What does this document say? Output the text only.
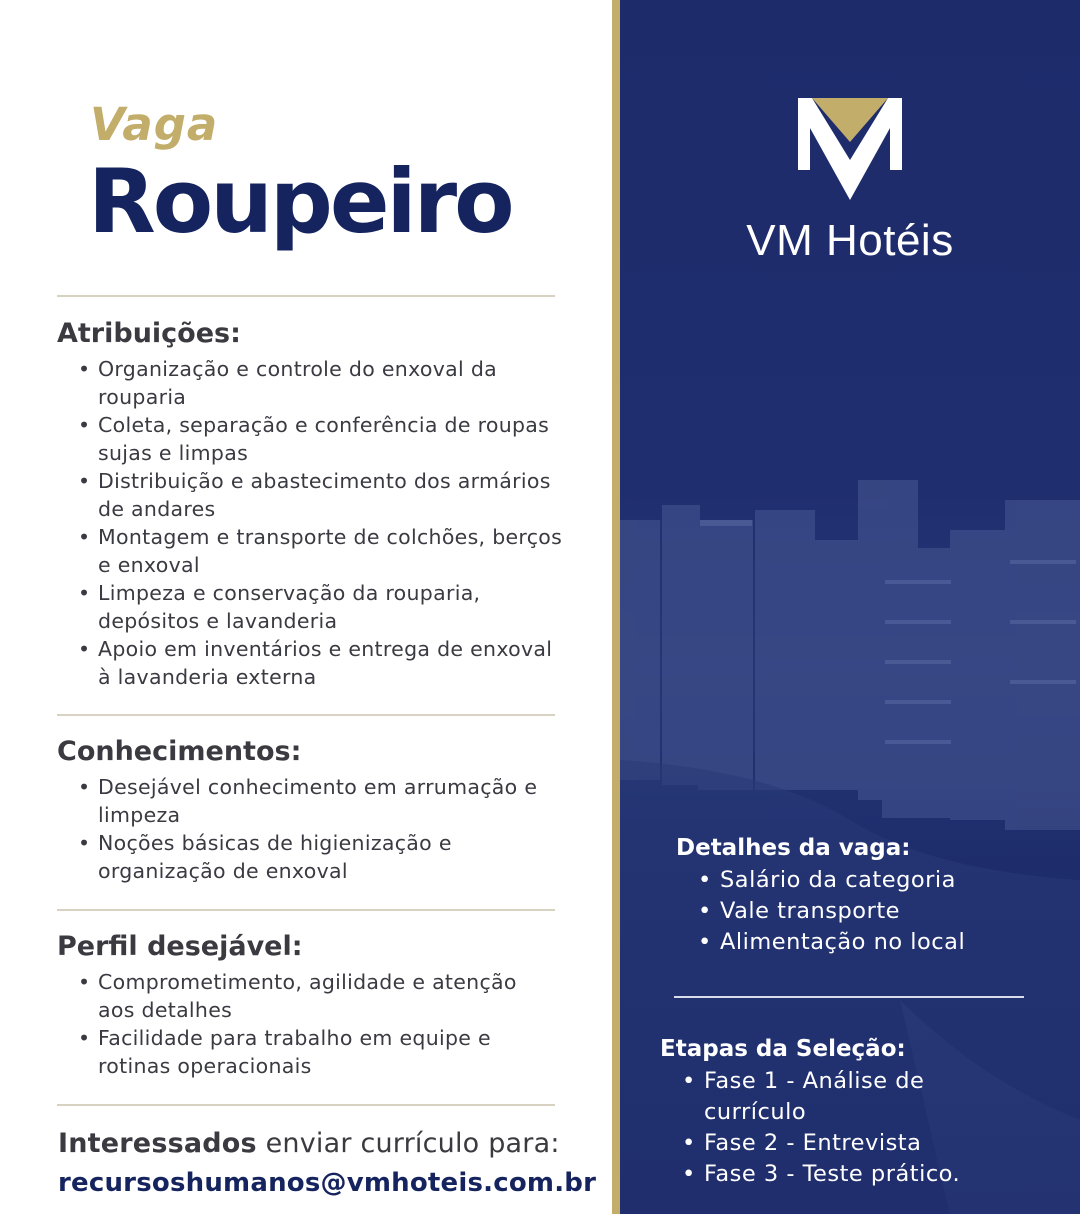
Vaga
Roupeiro
Atribuições:
• Organização e controle do enxoval da rouparia
• Coleta, separação e conferência de roupas sujas e limpas
• Distribuição e abastecimento dos armários de andares
• Montagem e transporte de colchões, berços e enxoval
• Limpeza e conservação da rouparia, depósitos e lavanderia
• Apoio em inventários e entrega de enxoval à lavanderia externa
Conhecimentos:
• Desejável conhecimento em arrumação e limpeza
• Noções básicas de higienização e organização de enxoval
Perfil desejável:
• Comprometimento, agilidade e atenção aos detalhes
• Facilidade para trabalho em equipe e rotinas operacionais
Interessados enviar currículo para:
recursoshumanos@vmhoteis.com.br
VM Hotéis
Detalhes da vaga:
• Salário da categoria
• Vale transporte
• Alimentação no local
Etapas da Seleção:
• Fase 1 - Análise de currículo
• Fase 2 - Entrevista
• Fase 3 - Teste prático.
